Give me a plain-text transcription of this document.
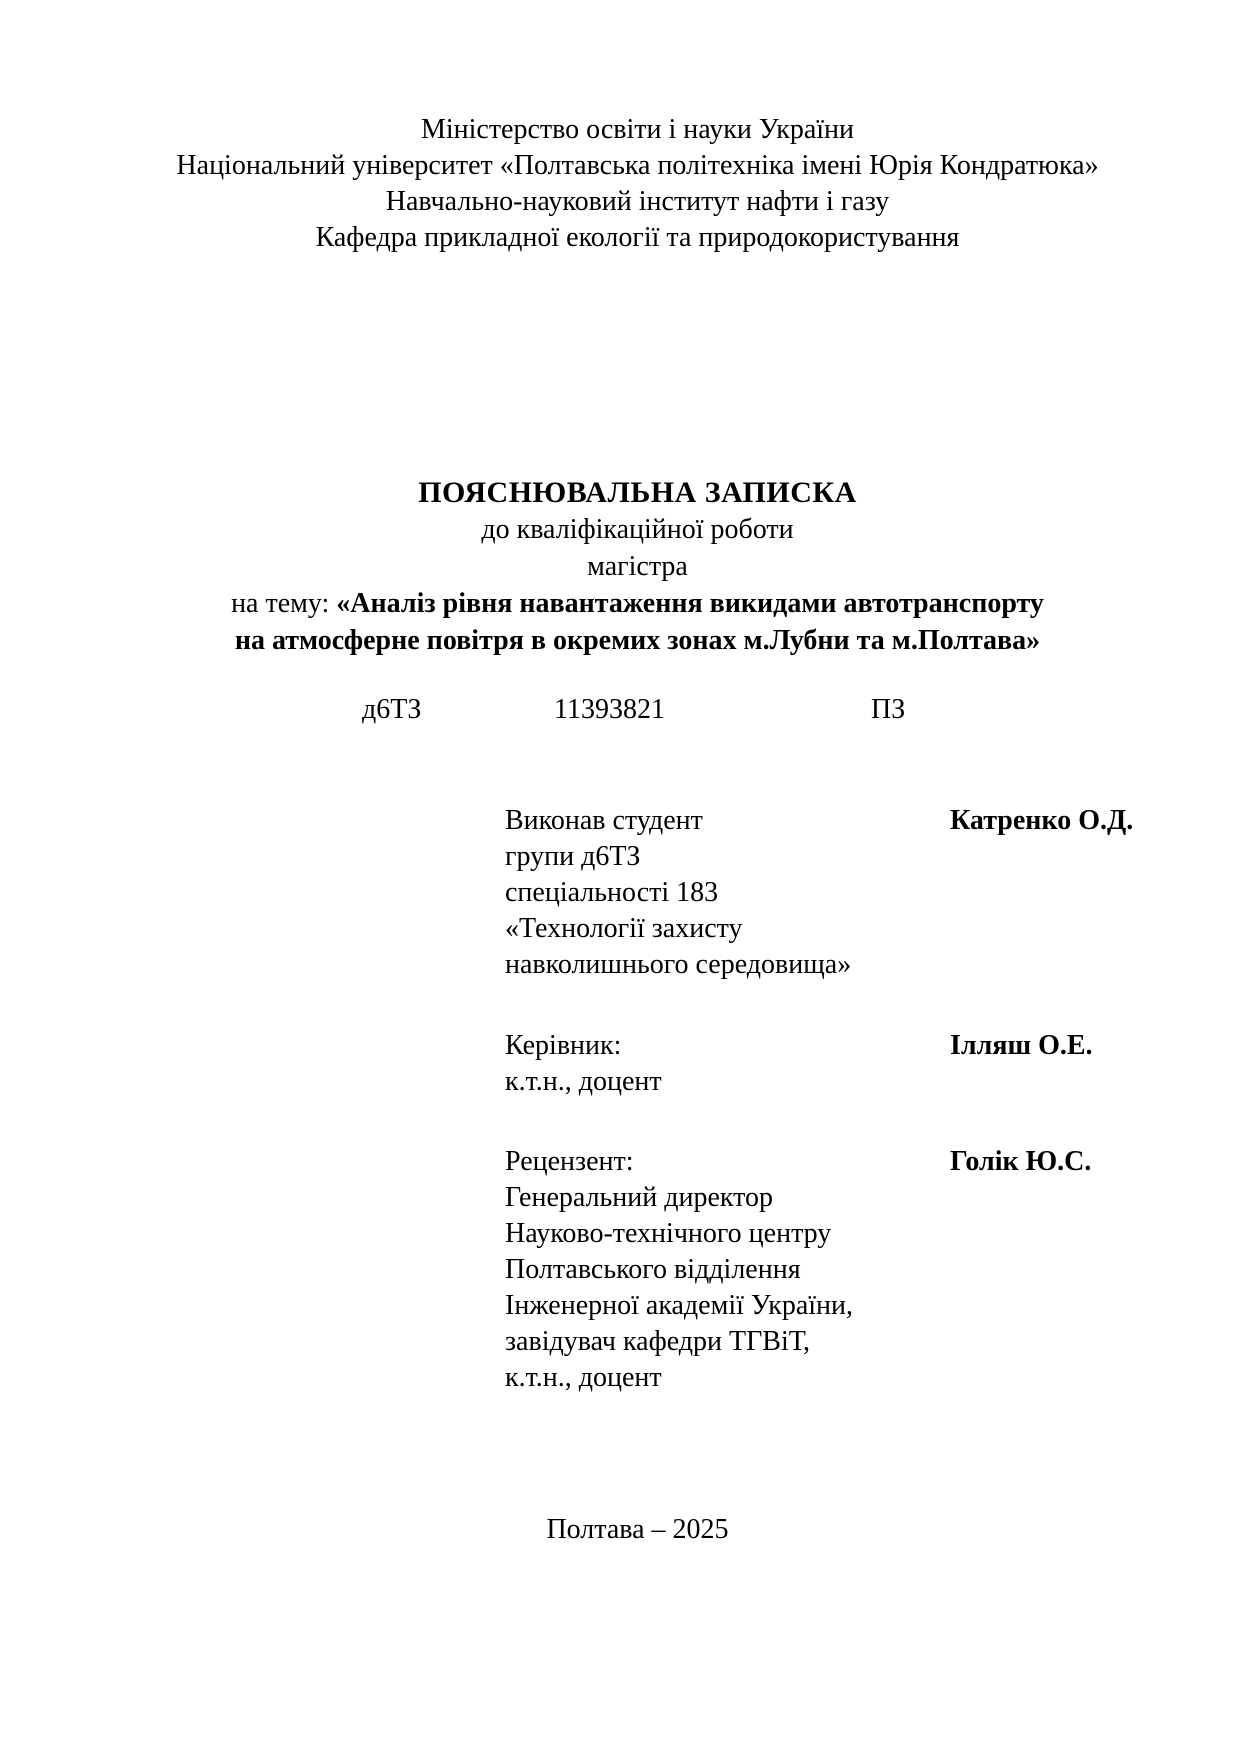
Міністерство освіти і науки України
Національний університет «Полтавська політехніка імені Юрія Кондратюка»
Навчально-науковий інститут нафти і газу
Кафедра прикладної екології та природокористування
ПОЯСНЮВАЛЬНА ЗАПИСКА
до кваліфікаційної роботи
магістра
на тему: «Аналіз рівня навантаження викидами автотранспорту
на атмосферне повітря в окремих зонах м.Лубни та м.Полтава»
д6ТЗ	11393821	ПЗ
Виконав студент
групи д6ТЗ
спеціальності 183
«Технології захисту
навколишнього середовища»
Катренко О.Д.
Керівник:
к.т.н., доцент
Ілляш О.Е.
Рецензент:
Генеральний директор
Науково-технічного центру
Полтавського відділення
Інженерної академії України,
завідувач кафедри ТГВіТ,
к.т.н., доцент
Голік Ю.С.
Полтава – 2025
